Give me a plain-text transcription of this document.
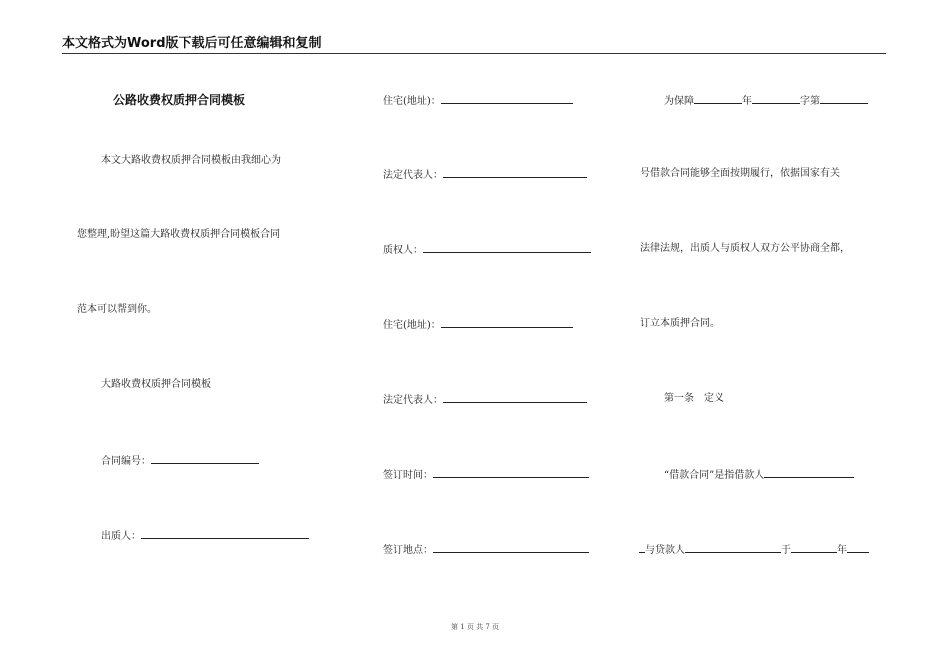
本文格式为Word版下载后可任意编辑和复制
公路收费权质押合同模板
本文大路收费权质押合同模板由我细心为
您整理,盼望这篇大路收费权质押合同模板合同
范本可以帮到你。
大路收费权质押合同模板
合同编号：
出质人：
住宅(地址)：
法定代表人：
质权人：
住宅(地址)：
法定代表人：
签订时间：
签订地点：
为保障	年	字第
号借款合同能够全面按期履行，依据国家有关
法律法规，出质人与质权人双方公平协商全都，
订立本质押合同。
第一条　定义
“借款合同”是指借款人
与贷款人	于	年
第 1 页 共 7 页
